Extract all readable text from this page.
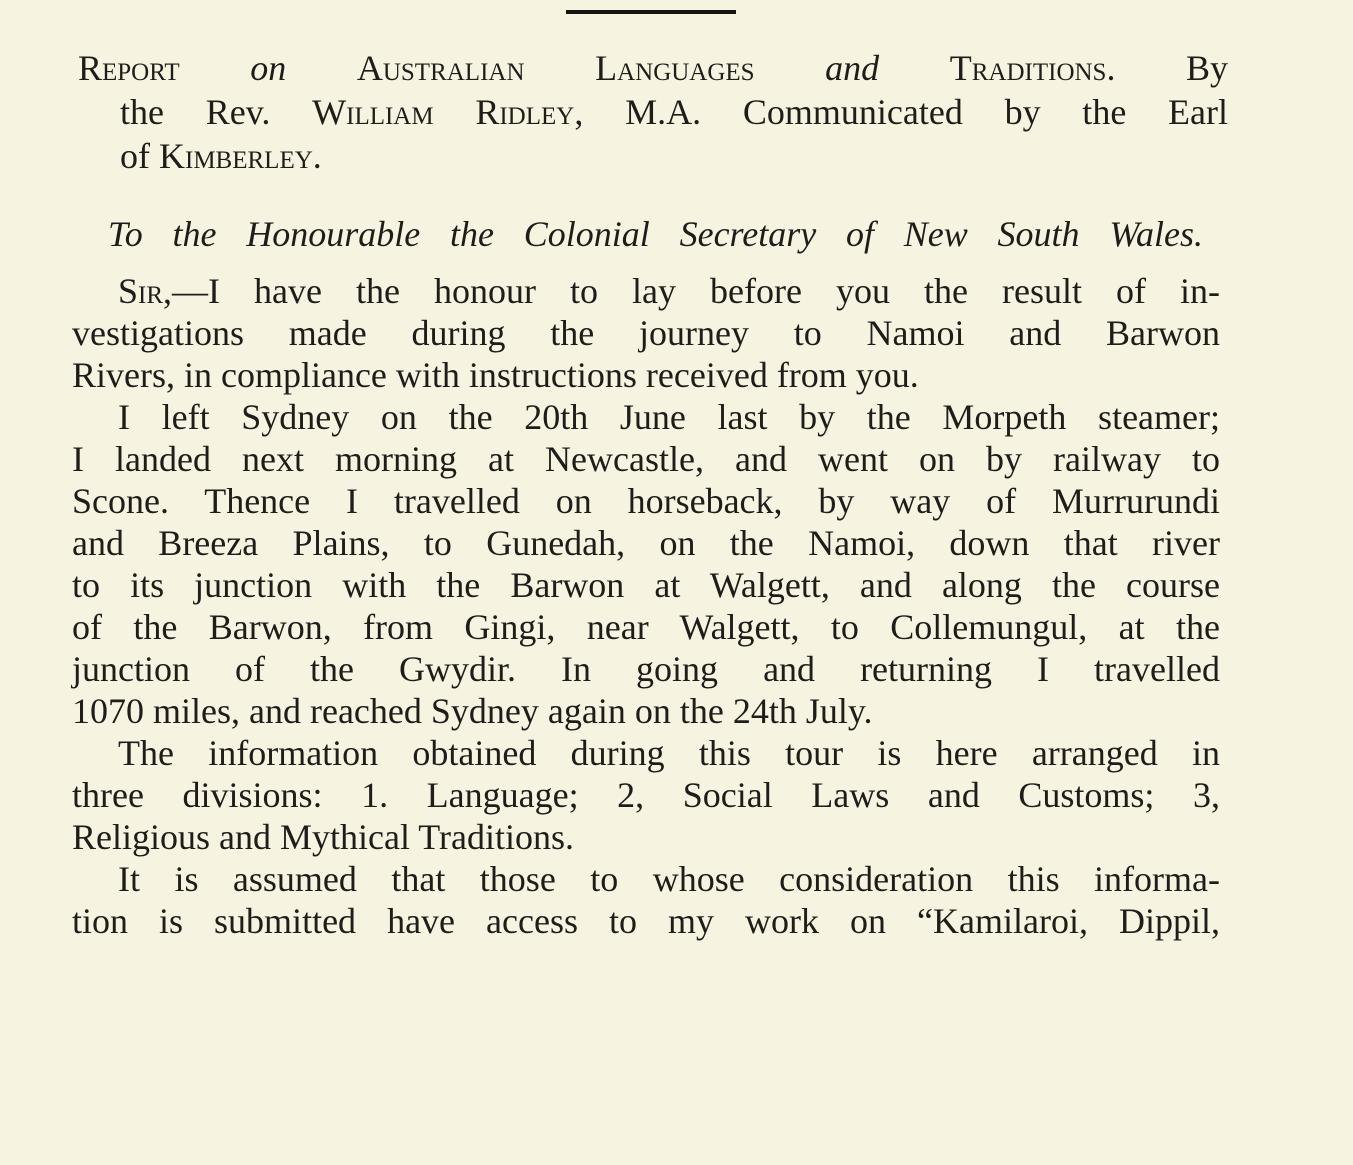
Report on Australian Languages and Traditions. By
the Rev. William Ridley, M.A. Communicated by the Earl
of Kimberley.
To the Honourable the Colonial Secretary of New South Wales.
Sir,—I have the honour to lay before you the result of in-
vestigations made during the journey to Namoi and Barwon
Rivers, in compliance with instructions received from you.
I left Sydney on the 20th June last by the Morpeth steamer;
I landed next morning at Newcastle, and went on by railway to
Scone. Thence I travelled on horseback, by way of Murrurundi
and Breeza Plains, to Gunedah, on the Namoi, down that river
to its junction with the Barwon at Walgett, and along the course
of the Barwon, from Gingi, near Walgett, to Collemungul, at the
junction of the Gwydir. In going and returning I travelled
1070 miles, and reached Sydney again on the 24th July.
The information obtained during this tour is here arranged in
three divisions: 1. Language; 2, Social Laws and Customs; 3,
Religious and Mythical Traditions.
It is assumed that those to whose consideration this informa-
tion is submitted have access to my work on “Kamilaroi, Dippil,
